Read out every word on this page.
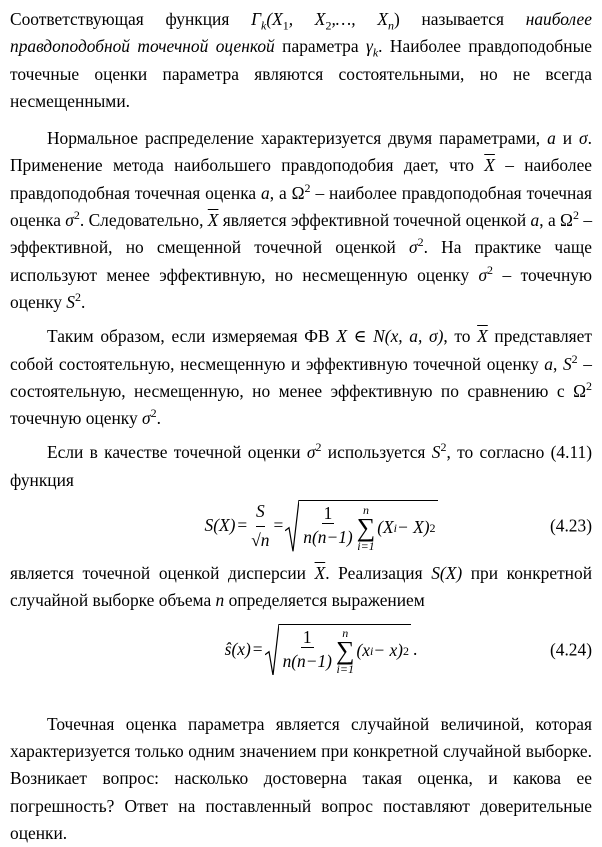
Соответствующая функция $\Gamma_k(X_1$, $X_2,\dots$, $X_n$) называется наиболее правдоподобной точечной оценкой параметра $\gamma_k$. Наиболее правдоподобные точечные оценки параметра являются состоятельными, но не всегда несмещенными.

Нормальное распределение характеризуется двумя параметрами, a и σ. Применение метода наибольшего правдоподобия дает, что $\overline{X}$ – наиболее правдоподобная точечная оценка a, а $\Omega^2$ – наиболее правдоподобная точечная оценка $\sigma^2$. Следовательно, $\overline{X}$ является эффективной точечной оценкой a, а $\Omega^2$ – эффективной, но смещенной точечной оценкой $\sigma^2$. На практике чаще используют менее эффективную, но несмещенную оценку $\sigma^2$ – точечную оценку $S^2$.

Таким образом, если измеряемая ФВ X ∈ N(x, a, σ), то $\overline{X}$ представляет собой состоятельную, несмещенную и эффективную точечной оценку a, $S^2$ – состоятельную, несмещенную, но менее эффективную по сравнению с $\Omega^2$ точечную оценку $\sigma^2$.

Если в качестве точечной оценки $\sigma^2$ используется $S^2$, то согласно (4.11) функция

$S(X) = \frac{S}{√n} = \frac{1}{n(n-1)}$ n
∑
i=1
(X i − X) 2	(4.23)

является точечной оценкой дисперсии $\overline{X}$. Реализация S(X) при конкретной случайной выборке объема n определяется выражением

ŝ(x) = $\frac{1}{n(n-1)}$ n
∑
i=1
(x i − x) 2 .	(4.24)

Точечная оценка параметра является случайной величиной, которая характеризуется только одним значением при конкретной случайной выборке. Возникает вопрос: насколько достоверна такая оценка, и какова ее погрешность? Ответ на поставленный вопрос поставляют доверительные оценки.
